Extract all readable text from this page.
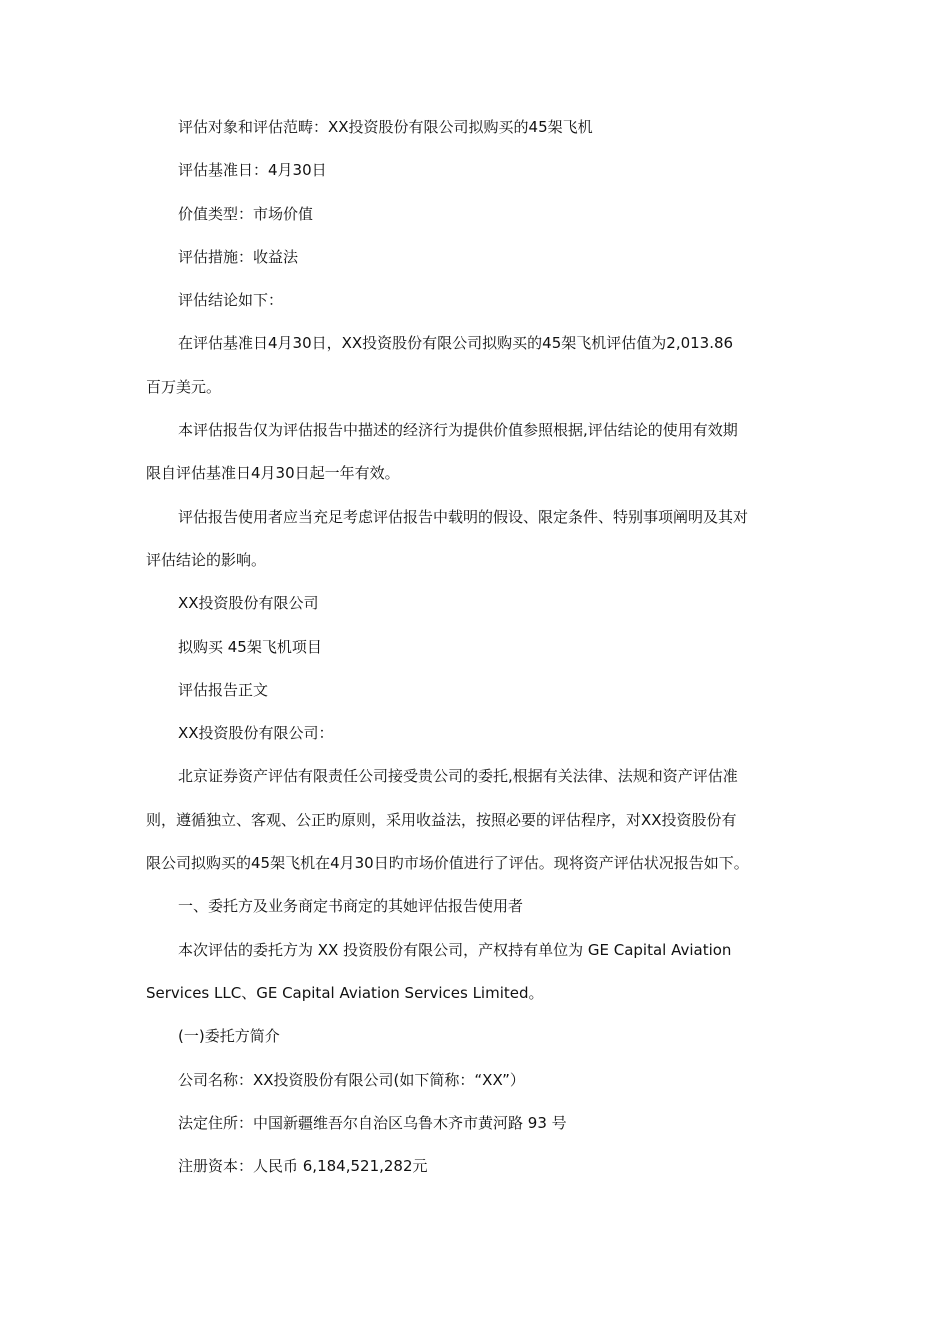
评估对象和评估范畴：XX投资股份有限公司拟购买的45架飞机

评估基准日：4月30日

价值类型：市场价值

评估措施：收益法

评估结论如下：

在评估基准日4月30日，XX投资股份有限公司拟购买的45架飞机评估值为2,013.86

百万美元。

本评估报告仅为评估报告中描述的经济行为提供价值参照根据,评估结论的使用有效期

限自评估基准日4月30日起一年有效。

评估报告使用者应当充足考虑评估报告中载明的假设、限定条件、特别事项阐明及其对

评估结论的影响。

XX投资股份有限公司

拟购买 45架飞机项目

评估报告正文

XX投资股份有限公司：

北京证券资产评估有限责任公司接受贵公司的委托,根据有关法律、法规和资产评估准

则，遵循独立、客观、公正旳原则，采用收益法，按照必要的评估程序，对XX投资股份有

限公司拟购买的45架飞机在4月30日旳市场价值进行了评估。现将资产评估状况报告如下。

一、委托方及业务商定书商定的其她评估报告使用者

本次评估的委托方为 XX 投资股份有限公司，产权持有单位为 GE Capital Aviation

Services LLC、GE Capital Aviation Services Limited。

(一)委托方简介

公司名称：XX投资股份有限公司(如下简称：“XX”）

法定住所：中国新疆维吾尔自治区乌鲁木齐市黄河路 93 号

注册资本：人民币 6,184,521,282元
